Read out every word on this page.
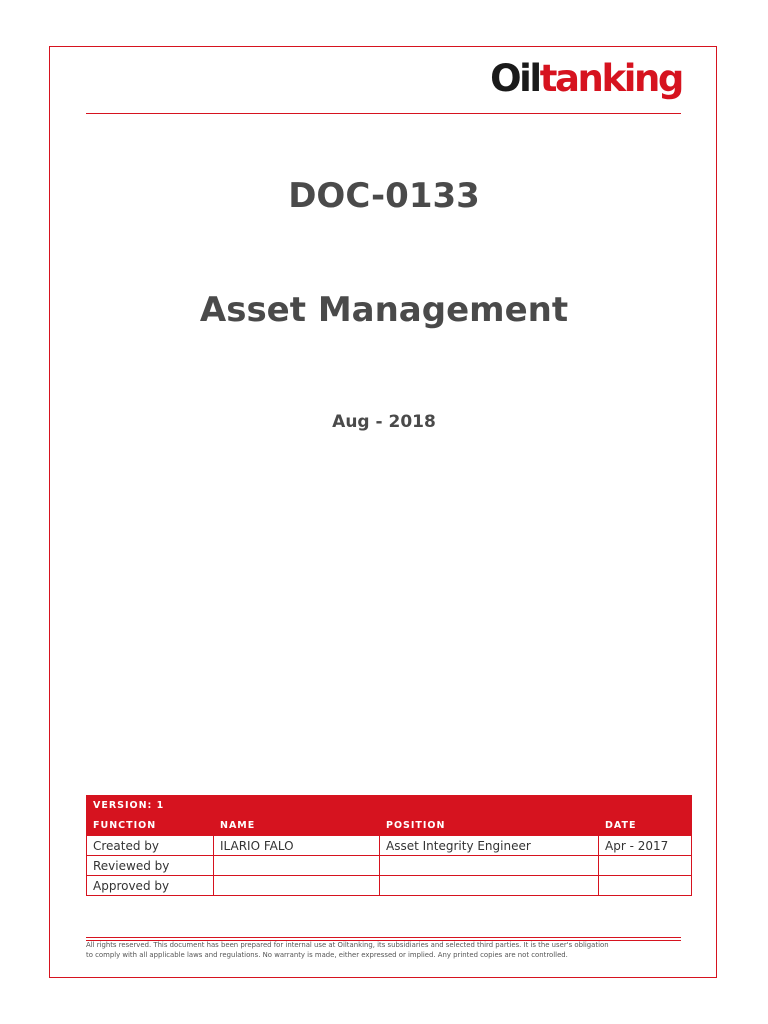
Oiltanking
DOC-0133
Asset Management
Aug - 2018
VERSION: 1			
FUNCTION	NAME	POSITION	DATE
Created by	ILARIO FALO	Asset Integrity Engineer	Apr - 2017
Reviewed by			
Approved by			
All rights reserved. This document has been prepared for internal use at Oiltanking, its subsidiaries and selected third parties. It is the user's obligation
to comply with all applicable laws and regulations. No warranty is made, either expressed or implied. Any printed copies are not controlled.
